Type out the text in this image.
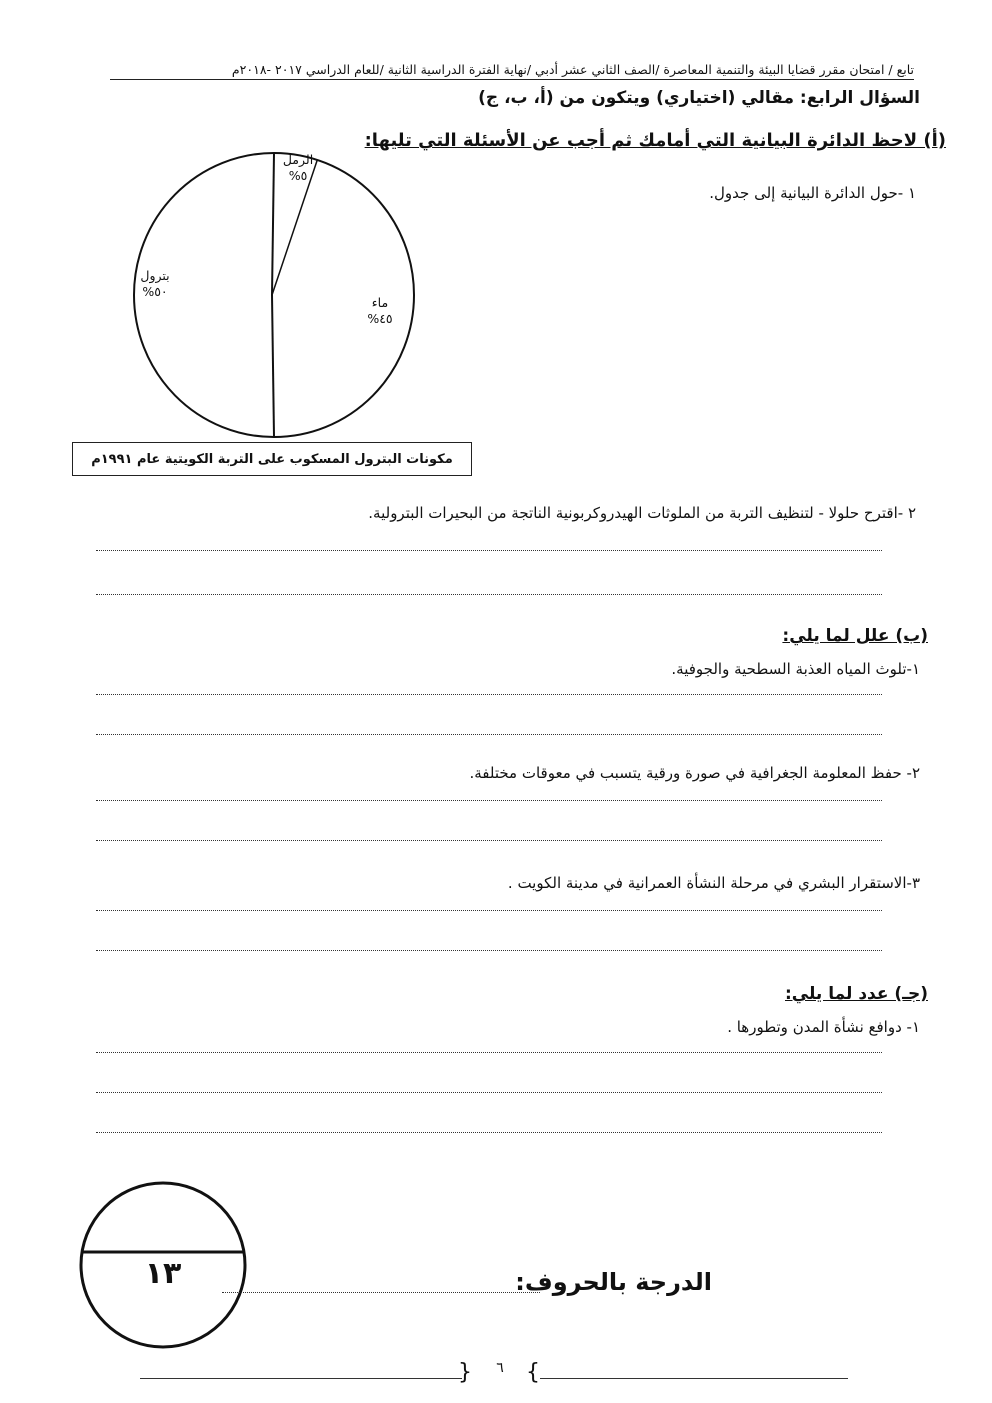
تابع / امتحان مقرر قضايا البيئة والتنمية المعاصرة /الصف الثاني عشر أدبي /نهاية الفترة الدراسية الثانية /للعام الدراسي ٢٠١٧ -٢٠١٨م
السؤال الرابع: مقالي (اختياري) ويتكون من (أ، ب، ج)
(أ) لاحظ الدائرة البيانية التي أمامك ثم أجب عن الأسئلة التي تليها:
١ -حول الدائرة البيانية إلى جدول.
الرمل
٥%
بترول
٥٠%
ماء
٤٥%
مكونات البترول المسكوب على التربة الكويتية عام ١٩٩١م
٢ -اقترح حلولا - لتنظيف التربة من الملوثات الهيدروكربونية الناتجة من البحيرات البترولية.
(ب) علل لما يلي:
١-تلوث المياه العذبة السطحية والجوفية.
٢- حفظ المعلومة الجغرافية في صورة ورقية يتسبب في معوقات مختلفة.
٣-الاستقرار البشري في مرحلة النشأة العمرانية في مدينة الكويت .
(جـ) عدد لما يلي:
١- دوافع نشأة المدن وتطورها .
١٣	الدرجة بالحروف:
{ }
٦
